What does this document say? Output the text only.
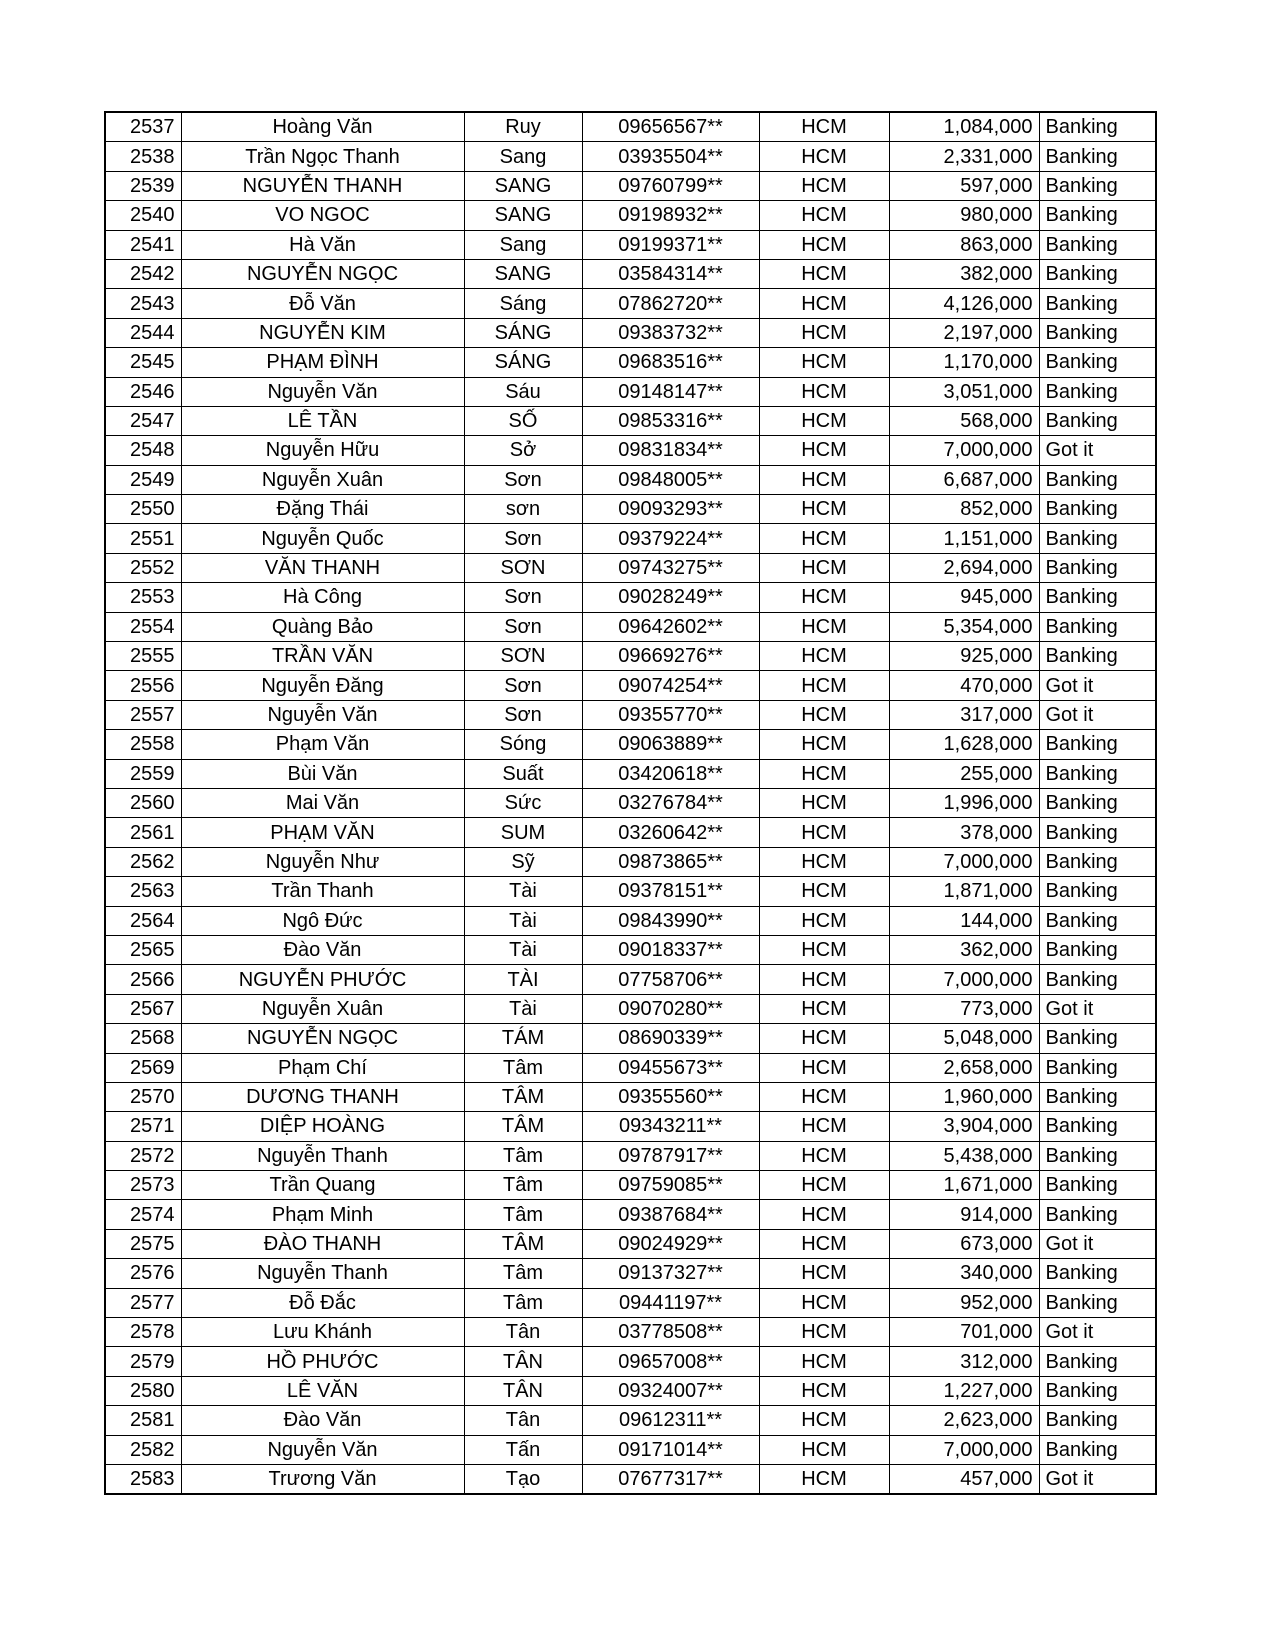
2537	Hoàng Văn	Ruy	09656567**	HCM	1,084,000	Banking
2538	Trần Ngọc Thanh	Sang	03935504**	HCM	2,331,000	Banking
2539	NGUYỄN THANH	SANG	09760799**	HCM	597,000	Banking
2540	VO NGOC	SANG	09198932**	HCM	980,000	Banking
2541	Hà Văn	Sang	09199371**	HCM	863,000	Banking
2542	NGUYỄN NGỌC	SANG	03584314**	HCM	382,000	Banking
2543	Đỗ Văn	Sáng	07862720**	HCM	4,126,000	Banking
2544	NGUYỄN KIM	SÁNG	09383732**	HCM	2,197,000	Banking
2545	PHẠM ĐÌNH	SÁNG	09683516**	HCM	1,170,000	Banking
2546	Nguyễn Văn	Sáu	09148147**	HCM	3,051,000	Banking
2547	LÊ TẦN	SỐ	09853316**	HCM	568,000	Banking
2548	Nguyễn Hữu	Sở	09831834**	HCM	7,000,000	Got it
2549	Nguyễn Xuân	Sơn	09848005**	HCM	6,687,000	Banking
2550	Đặng Thái	sơn	09093293**	HCM	852,000	Banking
2551	Nguyễn Quốc	Sơn	09379224**	HCM	1,151,000	Banking
2552	VĂN THANH	SƠN	09743275**	HCM	2,694,000	Banking
2553	Hà Công	Sơn	09028249**	HCM	945,000	Banking
2554	Quàng Bảo	Sơn	09642602**	HCM	5,354,000	Banking
2555	TRẦN VĂN	SƠN	09669276**	HCM	925,000	Banking
2556	Nguyễn Đăng	Sơn	09074254**	HCM	470,000	Got it
2557	Nguyễn Văn	Sơn	09355770**	HCM	317,000	Got it
2558	Phạm Văn	Sóng	09063889**	HCM	1,628,000	Banking
2559	Bùi Văn	Suất	03420618**	HCM	255,000	Banking
2560	Mai Văn	Sức	03276784**	HCM	1,996,000	Banking
2561	PHẠM VĂN	SUM	03260642**	HCM	378,000	Banking
2562	Nguyễn Như	Sỹ	09873865**	HCM	7,000,000	Banking
2563	Trần Thanh	Tài	09378151**	HCM	1,871,000	Banking
2564	Ngô Đức	Tài	09843990**	HCM	144,000	Banking
2565	Đào Văn	Tài	09018337**	HCM	362,000	Banking
2566	NGUYỄN PHƯỚC	TÀI	07758706**	HCM	7,000,000	Banking
2567	Nguyễn Xuân	Tài	09070280**	HCM	773,000	Got it
2568	NGUYỄN NGỌC	TÁM	08690339**	HCM	5,048,000	Banking
2569	Phạm Chí	Tâm	09455673**	HCM	2,658,000	Banking
2570	DƯƠNG THANH	TÂM	09355560**	HCM	1,960,000	Banking
2571	DIỆP HOÀNG	TÂM	09343211**	HCM	3,904,000	Banking
2572	Nguyễn Thanh	Tâm	09787917**	HCM	5,438,000	Banking
2573	Trần Quang	Tâm	09759085**	HCM	1,671,000	Banking
2574	Phạm Minh	Tâm	09387684**	HCM	914,000	Banking
2575	ĐÀO THANH	TÂM	09024929**	HCM	673,000	Got it
2576	Nguyễn Thanh	Tâm	09137327**	HCM	340,000	Banking
2577	Đỗ Đắc	Tâm	09441197**	HCM	952,000	Banking
2578	Lưu Khánh	Tân	03778508**	HCM	701,000	Got it
2579	HỒ PHƯỚC	TÂN	09657008**	HCM	312,000	Banking
2580	LÊ VĂN	TÂN	09324007**	HCM	1,227,000	Banking
2581	Đào Văn	Tân	09612311**	HCM	2,623,000	Banking
2582	Nguyễn Văn	Tấn	09171014**	HCM	7,000,000	Banking
2583	Trương Văn	Tạo	07677317**	HCM	457,000	Got it
